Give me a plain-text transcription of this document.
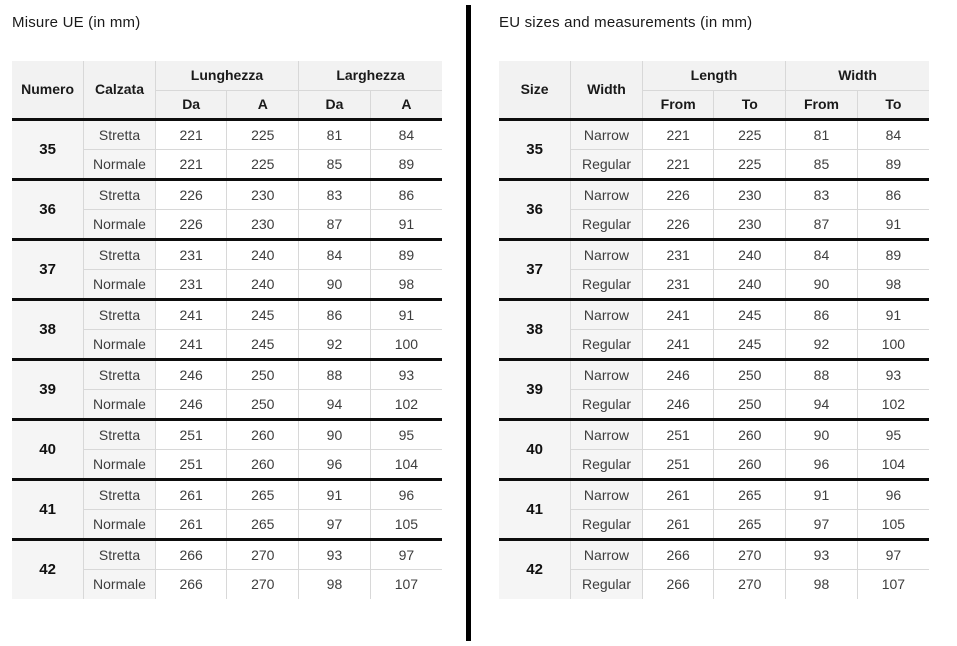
Misure UE (in mm)
Numero	Calzata	Lunghezza		Larghezza	
		Da	A	Da	A
35	Stretta	221	225	81	84
	Normale	221	225	85	89
36	Stretta	226	230	83	86
	Normale	226	230	87	91
37	Stretta	231	240	84	89
	Normale	231	240	90	98
38	Stretta	241	245	86	91
	Normale	241	245	92	100
39	Stretta	246	250	88	93
	Normale	246	250	94	102
40	Stretta	251	260	90	95
	Normale	251	260	96	104
41	Stretta	261	265	91	96
	Normale	261	265	97	105
42	Stretta	266	270	93	97
	Normale	266	270	98	107
EU sizes and measurements (in mm)
Size	Width	Length		Width	
		From	To	From	To
35	Narrow	221	225	81	84
	Regular	221	225	85	89
36	Narrow	226	230	83	86
	Regular	226	230	87	91
37	Narrow	231	240	84	89
	Regular	231	240	90	98
38	Narrow	241	245	86	91
	Regular	241	245	92	100
39	Narrow	246	250	88	93
	Regular	246	250	94	102
40	Narrow	251	260	90	95
	Regular	251	260	96	104
41	Narrow	261	265	91	96
	Regular	261	265	97	105
42	Narrow	266	270	93	97
	Regular	266	270	98	107
